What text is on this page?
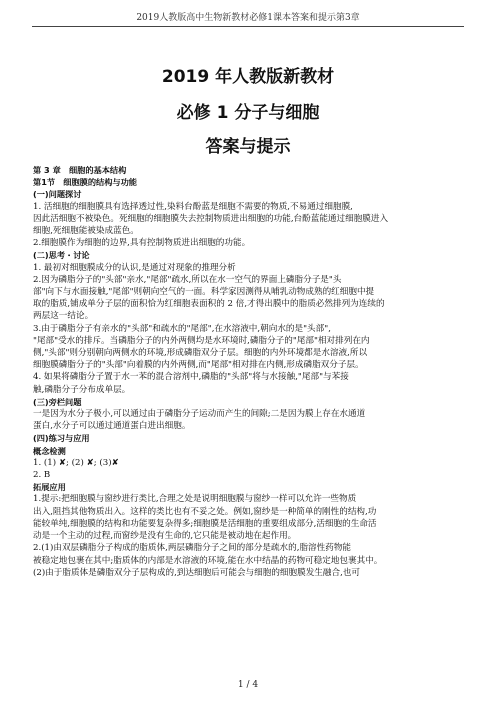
2019人教版高中生物新教材必修1课本答案和提示第3章
2019 年人教版新教材
必修 1 分子与细胞
答案与提示

第 3 章　细胞的基本结构

第1节　细胞膜的结构与功能

(一)问题探讨

1. 活细胞的细胞膜具有选择透过性,染料台酚蓝是细胞不需要的物质,不易通过细胞膜,

因此活细胞不被染色。死细胞的细胞膜失去控制物质进出细胞的功能,台酚蓝能通过细胞膜进入

细胞,死细胞能被染成蓝色。

2.细胞膜作为细胞的边界,具有控制物质进出细胞的功能。

(二)思考・讨论

1. 最初对细胞膜成分的认识,是通过对现象的推理分析

2.因为磷脂分子的"头部"亲水,"尾部"疏水,所以在水一空气的界面上磷脂分子是"头

部"向下与水面接触,"尾部"则朝向空气的一面。科学家因测得从哺乳动物成熟的红细胞中提

取的脂质,铺成单分子层的面积恰为红细胞表面积的 2 倍,才得出膜中的脂质必然排列为连续的

两层这一结论。

3.由于磷脂分子有亲水的"头部"和疏水的"尾部",在水溶液中,朝向水的是"头部",

"尾部"受水的排斥。当磷脂分子的内外两侧均是水环境时,磷脂分子的"尾部"相对排列在内

侧,"头部"则分别朝向两侧水的环境,形成磷脂双分子层。细胞的内外环境都是水溶液,所以

细胞膜磷脂分子的"头部"向着膜的内外两侧,而"尾部"相对排在内侧,形成磷脂双分子层。

4. 如果将磷脂分子置于水一苯的混合溶剂中,磷脂的"头部"将与水接触,"尾部"与苯接

触,磷脂分子分布成单层。

(三)旁栏问题

一是因为水分子极小,可以通过由于磷脂分子运动而产生的间隙;二是因为膜上存在水通道

蛋白,水分子可以通过通道蛋白进出细胞。

(四)练习与应用

概念检测

1. (1) ✘; (2) ✘; (3)✘

2. B

拓展应用

1.提示:把细胞膜与窗纱进行类比,合理之处是说明细胞膜与窗纱一样可以允许一些物质

出入,阻挡其他物质出入。这样的类比也有不妥之处。例如,窗纱是一种简单的刚性的结构,功

能较单纯,细胞膜的结构和功能要复杂得多;细胞膜是活细胞的重要组成部分,活细胞的生命活

动是一个主动的过程,而窗纱是没有生命的,它只能是被动地在起作用。

2.(1)由双层磷脂分子构成的脂质体,两层磷脂分子之间的部分是疏水的,脂溶性药物能

被稳定地包裹在其中;脂质体的内部是水溶液的环境,能在水中结晶的药物可稳定地包裹其中。

(2)由于脂质体是磷脂双分子层构成的,到达细胞后可能会与细胞的细胞膜发生融合,也可

1 / 4
